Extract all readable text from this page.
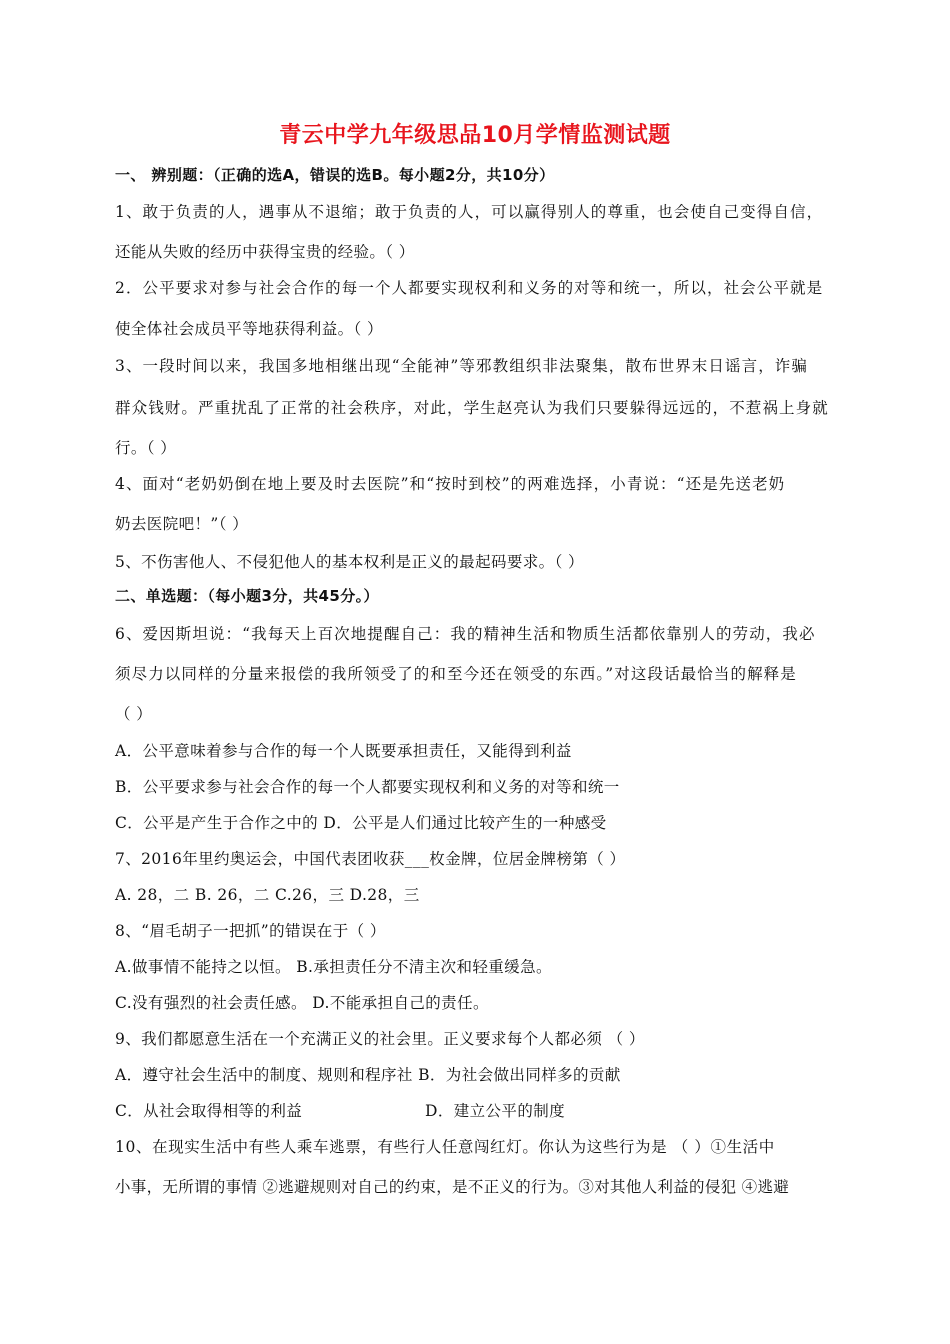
青云中学九年级思品10月学情监测试题
一、 辨别题：（正确的选A，错误的选B。每小题2分，共10分）
1、敢于负责的人，遇事从不退缩；敢于负责的人，可以赢得别人的尊重，也会使自己变得自信，
还能从失败的经历中获得宝贵的经验。（ ）
2．公平要求对参与社会合作的每一个人都要实现权利和义务的对等和统一，所以，社会公平就是
使全体社会成员平等地获得利益。（ ）
3、一段时间以来，我国多地相继出现“全能神”等邪教组织非法聚集，散布世界末日谣言，诈骗
群众钱财。严重扰乱了正常的社会秩序，对此，学生赵亮认为我们只要躲得远远的，不惹祸上身就
行。（ ）
4、面对“老奶奶倒在地上要及时去医院”和“按时到校”的两难选择，小青说：“还是先送老奶
奶去医院吧！”（ ）
5、不伤害他人、不侵犯他人的基本权利是正义的最起码要求。（ ）
二、单选题：（每小题3分，共45分。）
6、爱因斯坦说：“我每天上百次地提醒自己：我的精神生活和物质生活都依靠别人的劳动，我必
须尽力以同样的分量来报偿的我所领受了的和至今还在领受的东西。”对这段话最恰当的解释是
（ ）
A．公平意味着参与合作的每一个人既要承担责任，又能得到利益
B．公平要求参与社会合作的每一个人都要实现权利和义务的对等和统一
C．公平是产生于合作之中的 D．公平是人们通过比较产生的一种感受
7、2016年里约奥运会，中国代表团收获___枚金牌，位居金牌榜第（ ）
A. 28，二 B. 26，二 C.26，三 D.28，三
8、“眉毛胡子一把抓”的错误在于（ ）
A.做事情不能持之以恒。 B.承担责任分不清主次和轻重缓急。
C.没有强烈的社会责任感。 D.不能承担自己的责任。
9、我们都愿意生活在一个充满正义的社会里。正义要求每个人都必须 （ ）
A．遵守社会生活中的制度、规则和程序社 B．为社会做出同样多的贡献
C．从社会取得相等的利益	D．建立公平的制度
10、在现实生活中有些人乘车逃票，有些行人任意闯红灯。你认为这些行为是 （ ）①生活中
小事，无所谓的事情 ②逃避规则对自己的约束，是不正义的行为。③对其他人利益的侵犯 ④逃避
